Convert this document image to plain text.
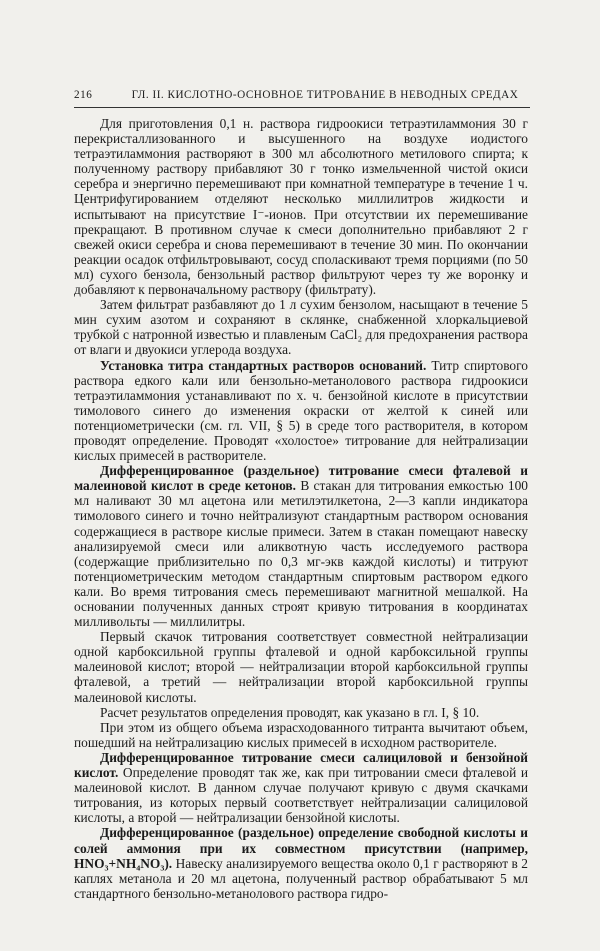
216	ГЛ. II. КИСЛОТНО-ОСНОВНОЕ ТИТРОВАНИЕ В НЕВОДНЫХ СРЕДАХ

Для приготовления 0,1 н. раствора гидроокиси тетраэтиламмония 30 г перекристаллизованного и высушенного на воздухе иодистого тетраэтиламмония растворяют в 300 мл абсолютного метилового спирта; к полученному раствору прибавляют 30 г тонко измельченной чистой окиси серебра и энергично перемешивают при комнатной температуре в течение 1 ч. Центрифугированием отделяют несколько миллилитров жидкости и испытывают на присутствие I⁻-ионов. При отсутствии их перемешивание прекращают. В противном случае к смеси дополнительно прибавляют 2 г свежей окиси серебра и снова перемешивают в течение 30 мин. По окончании реакции осадок отфильтровывают, сосуд споласкивают тремя порциями (по 50 мл) сухого бензола, бензольный раствор фильтруют через ту же воронку и добавляют к первоначальному раствору (фильтрату).

Затем фильтрат разбавляют до 1 л сухим бензолом, насыщают в течение 5 мин сухим азотом и сохраняют в склянке, снабженной хлоркальциевой трубкой с натронной известью и плавленым CaCl₂ для предохранения раствора от влаги и двуокиси углерода воздуха.

Установка титра стандартных растворов оснований. Титр спиртового раствора едкого кали или бензольно-метанолового раствора гидроокиси тетраэтиламмония устанавливают по х. ч. бензойной кислоте в присутствии тимолового синего до изменения окраски от желтой к синей или потенциометрически (см. гл. VII, § 5) в среде того растворителя, в котором проводят определение. Проводят «холостое» титрование для нейтрализации кислых примесей в растворителе.

Дифференцированное (раздельное) титрование смеси фталевой и малеиновой кислот в среде кетонов. В стакан для титрования емкостью 100 мл наливают 30 мл ацетона или метилэтилкетона, 2—3 капли индикатора тимолового синего и точно нейтрализуют стандартным раствором основания содержащиеся в растворе кислые примеси. Затем в стакан помещают навеску анализируемой смеси или аликвотную часть исследуемого раствора (содержащие приблизительно по 0,3 мг-экв каждой кислоты) и титруют потенциометрическим методом стандартным спиртовым раствором едкого кали. Во время титрования смесь перемешивают магнитной мешалкой. На основании полученных данных строят кривую титрования в координатах милливольты — миллилитры.

Первый скачок титрования соответствует совместной нейтрализации одной карбоксильной группы фталевой и одной карбоксильной группы малеиновой кислот; второй — нейтрализации второй карбоксильной группы фталевой, а третий — нейтрализации второй карбоксильной группы малеиновой кислоты.

Расчет результатов определения проводят, как указано в гл. I, § 10.

При этом из общего объема израсходованного титранта вычитают объем, пошедший на нейтрализацию кислых примесей в исходном растворителе.

Дифференцированное титрование смеси салициловой и бензойной кислот. Определение проводят так же, как при титровании смеси фталевой и малеиновой кислот. В данном случае получают кривую с двумя скачками титрования, из которых первый соответствует нейтрализации салициловой кислоты, а второй — нейтрализации бензойной кислоты.

Дифференцированное (раздельное) определение свободной кислоты и солей аммония при их совместном присутствии (например, HNO₃+NH₄NO₃). Навеску анализируемого вещества около 0,1 г растворяют в 2 каплях метанола и 20 мл ацетона, полученный раствор обрабатывают 5 мл стандартного бензольно-метанолового раствора гидро-
